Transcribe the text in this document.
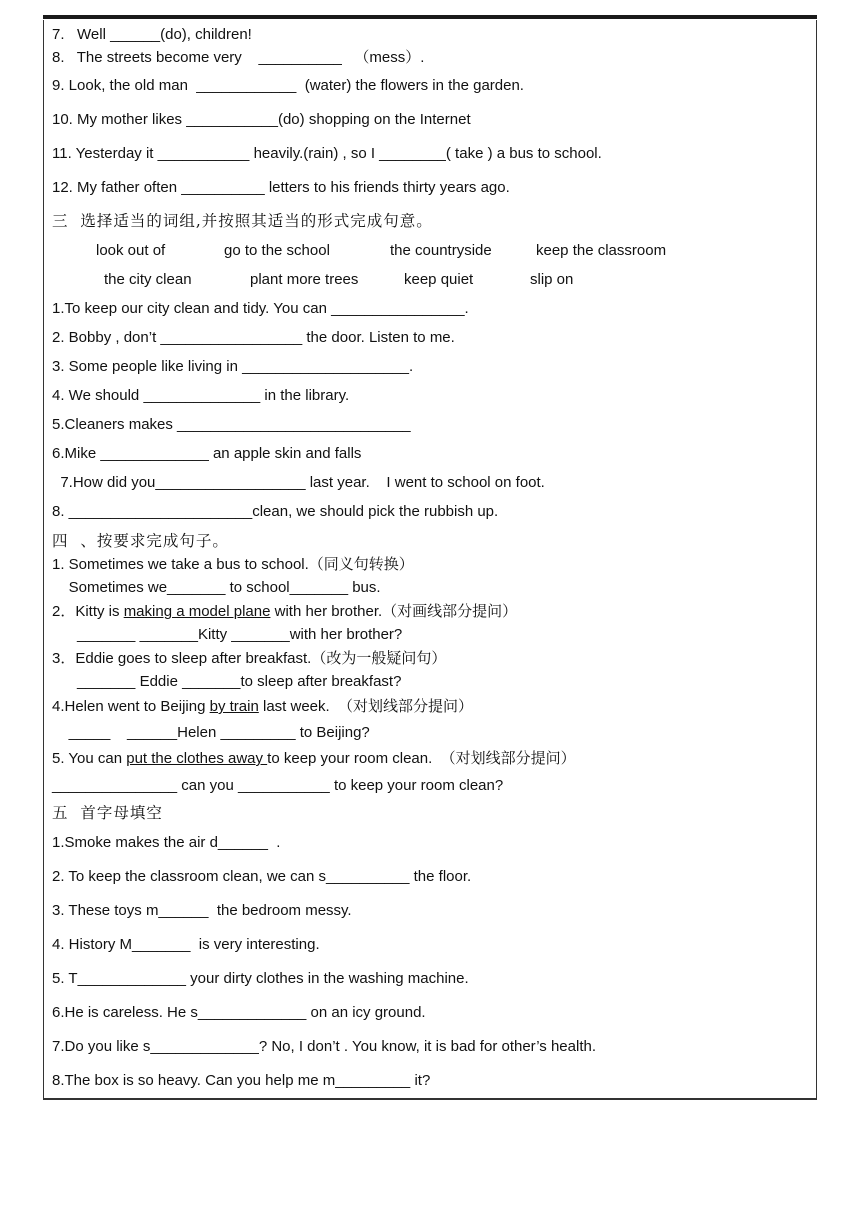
7.   Well ______(do), children!
8.   The streets become very    __________   （mess）.
9. Look, the old man  ____________  (water) the flowers in the garden.
10. My mother likes ___________(do) shopping on the Internet
11. Yesterday it ___________ heavily.(rain) , so I ________( take ) a bus to school.
12. My father often __________ letters to his friends thirty years ago.
三  选择适当的词组,并按照其适当的形式完成句意。
look out of	go to the school	the countryside	keep the classroom
the city clean	plant more trees	keep quiet	slip on
1.To keep our city clean and tidy. You can ________________.
2. Bobby , don’t _________________ the door. Listen to me.
3. Some people like living in ____________________.
4. We should ______________ in the library.
5.Cleaners makes ____________________________
6.Mike _____________ an apple skin and falls
7.How did you__________________ last year.    I went to school on foot.
8. ______________________clean, we should pick the rubbish up.
四  、按要求完成句子。
1. Sometimes we take a bus to school.（同义句转换）
Sometimes we_______ to school_______ bus.
2．Kitty is making a model plane with her brother.（对画线部分提问）
_______ _______Kitty _______with her brother?
3．Eddie goes to sleep after breakfast.（改为一般疑问句）
_______ Eddie _______to sleep after breakfast?
4.Helen went to Beijing by train last week.  （对划线部分提问）
_____    ______Helen _________ to Beijing?
5. You can put the clothes away to keep your room clean.  （对划线部分提问）
_______________ can you ___________ to keep your room clean?
五  首字母填空
1.Smoke makes the air d______  .
2. To keep the classroom clean, we can s__________ the floor.
3. These toys m______  the bedroom messy.
4. History M_______  is very interesting.
5. T_____________ your dirty clothes in the washing machine.
6.He is careless. He s_____________ on an icy ground.
7.Do you like s_____________? No, I don’t . You know, it is bad for other’s health.
8.The box is so heavy. Can you help me m_________ it?
